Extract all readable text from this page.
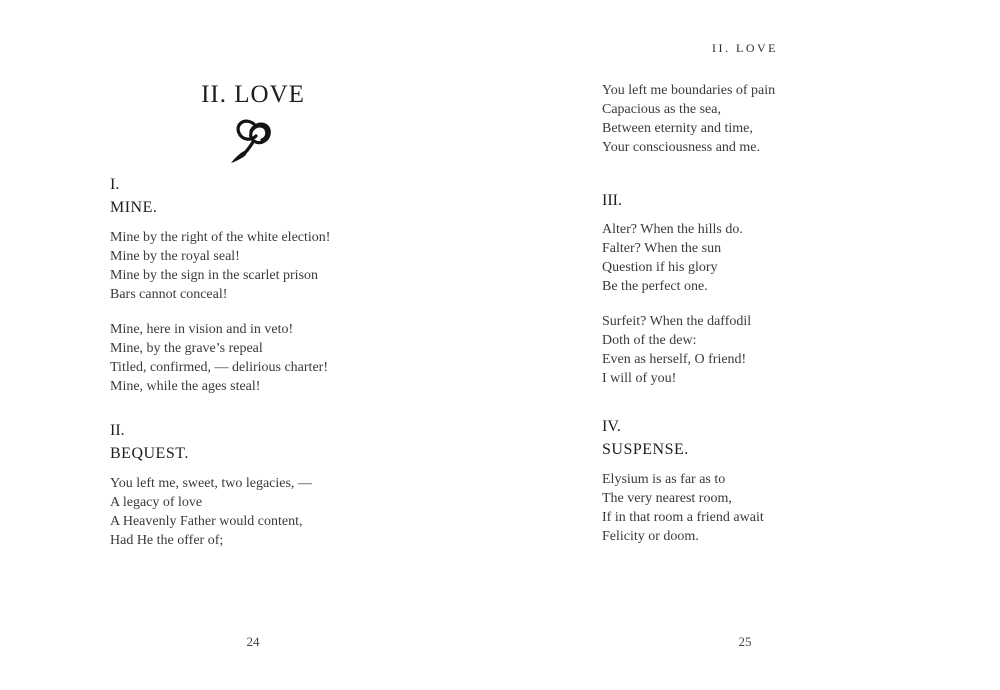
II. LOVE
I.
MINE.
Mine by the right of the white election!
Mine by the royal seal!
Mine by the sign in the scarlet prison
Bars cannot conceal!
Mine, here in vision and in veto!
Mine, by the grave’s repeal
Titled, confirmed, — delirious charter!
Mine, while the ages steal!
II.
BEQUEST.
You left me, sweet, two legacies, —
A legacy of love
A Heavenly Father would content,
Had He the offer of;
24
II. LOVE
You left me boundaries of pain
Capacious as the sea,
Between eternity and time,
Your consciousness and me.
III.
Alter? When the hills do.
Falter? When the sun
Question if his glory
Be the perfect one.
Surfeit? When the daffodil
Doth of the dew:
Even as herself, O friend!
I will of you!
IV.
SUSPENSE.
Elysium is as far as to
The very nearest room,
If in that room a friend await
Felicity or doom.
25
